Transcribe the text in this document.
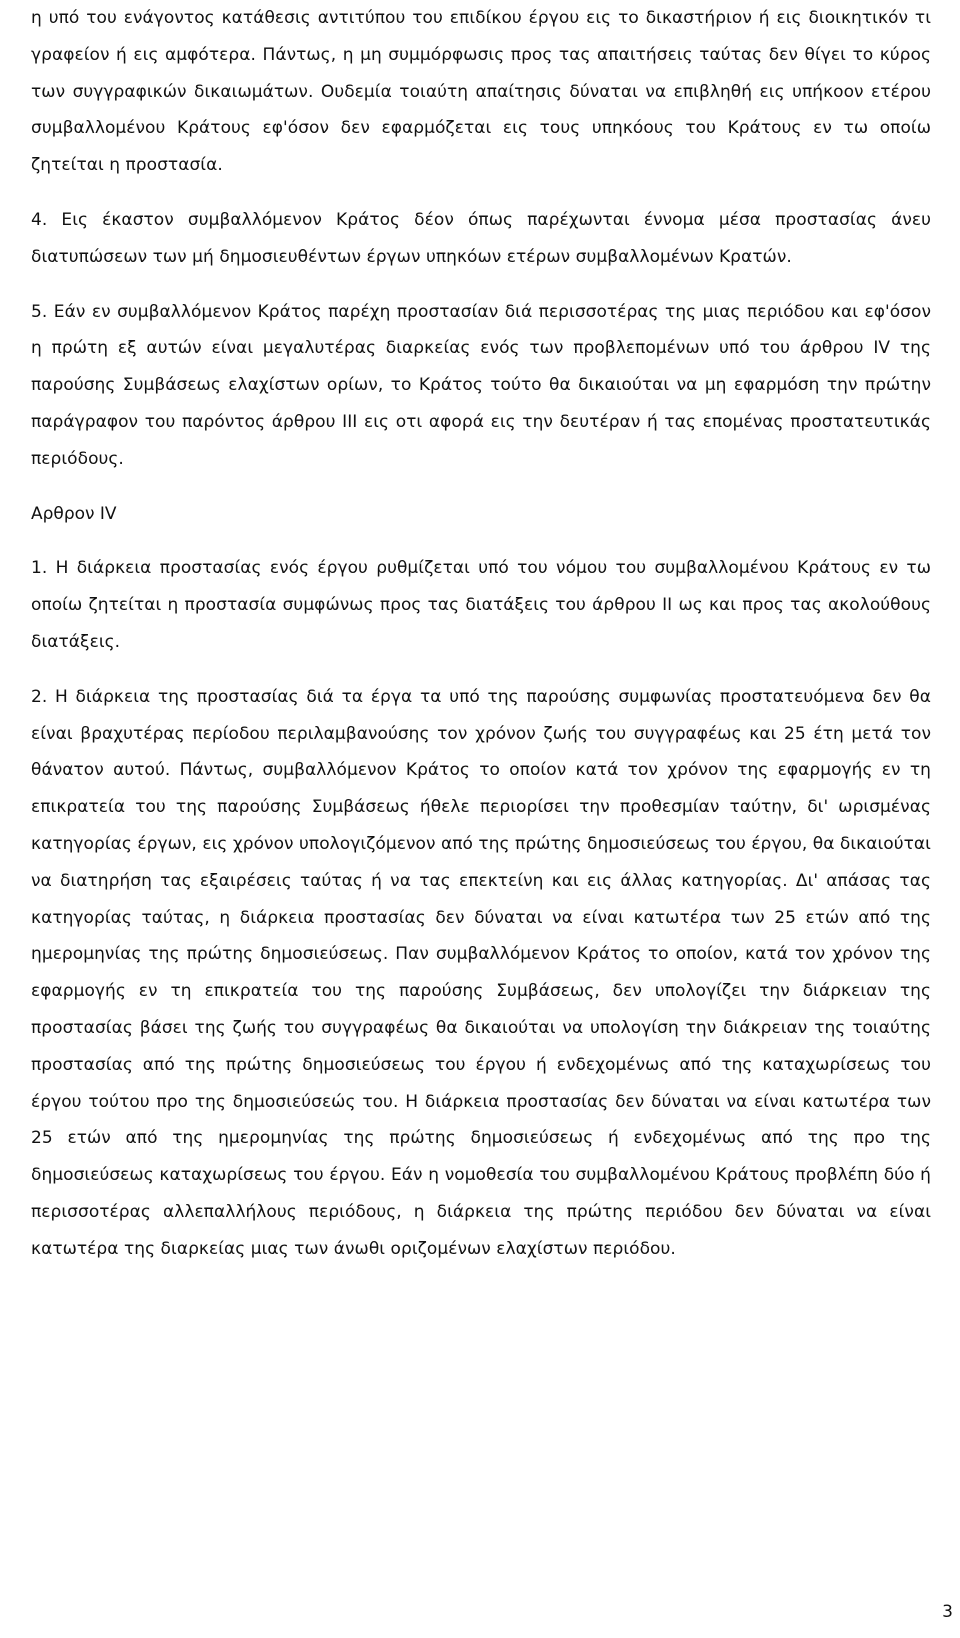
η υπό του ενάγοντος κατάθεσις αντιτύπου του επιδίκου έργου εις το δικαστήριον ή εις διοικητικόν τι γραφείον ή εις αμφότερα. Πάντως, η μη συμμόρφωσις προς τας απαιτήσεις ταύτας δεν θίγει το κύρος των συγγραφικών δικαιωμάτων. Ουδεμία τοιαύτη απαίτησις δύναται να επιβληθή εις υπήκοον ετέρου συμβαλλομένου Κράτους εφ'όσον δεν εφαρμόζεται εις τους υπηκόους του Κράτους εν τω οποίω ζητείται η προστασία.

4. Εις έκαστον συμβαλλόμενον Κράτος δέον όπως παρέχωνται έννομα μέσα προστασίας άνευ διατυπώσεων των μή δημοσιευθέντων έργων υπηκόων ετέρων συμβαλλομένων Κρατών.

5. Εάν εν συμβαλλόμενον Κράτος παρέχη προστασίαν διά περισσοτέρας της μιας περιόδου και εφ'όσον η πρώτη εξ αυτών είναι μεγαλυτέρας διαρκείας ενός των προβλεπομένων υπό του άρθρου IV της παρούσης Συμβάσεως ελαχίστων ορίων, το Κράτος τούτο θα δικαιούται να μη εφαρμόση την πρώτην παράγραφον του παρόντος άρθρου III εις οτι αφορά εις την δευτέραν ή τας επομένας προστατευτικάς περιόδους.

Αρθρον IV

1. Η διάρκεια προστασίας ενός έργου ρυθμίζεται υπό του νόμου του συμβαλλομένου Κράτους εν τω οποίω ζητείται η προστασία συμφώνως προς τας διατάξεις του άρθρου II ως και προς τας ακολούθους διατάξεις.

2. Η διάρκεια της προστασίας διά τα έργα τα υπό της παρούσης συμφωνίας προστατευόμενα δεν θα είναι βραχυτέρας περίοδου περιλαμβανούσης τον χρόνον ζωής του συγγραφέως και 25 έτη μετά τον θάνατον αυτού. Πάντως, συμβαλλόμενον Κράτος το οποίον κατά τον χρόνον της εφαρμογής εν τη επικρατεία του της παρούσης Συμβάσεως ήθελε περιορίσει την προθεσμίαν ταύτην, δι' ωρισμένας κατηγορίας έργων, εις χρόνον υπολογιζόμενον από της πρώτης δημοσιεύσεως του έργου, θα δικαιούται να διατηρήση τας εξαιρέσεις ταύτας ή να τας επεκτείνη και εις άλλας κατηγορίας. Δι' απάσας τας κατηγορίας ταύτας, η διάρκεια προστασίας δεν δύναται να είναι κατωτέρα των 25 ετών από της ημερομηνίας της πρώτης δημοσιεύσεως. Παν συμβαλλόμενον Κράτος το οποίον, κατά τον χρόνον της εφαρμογής εν τη επικρατεία του της παρούσης Συμβάσεως, δεν υπολογίζει την διάρκειαν της προστασίας βάσει της ζωής του συγγραφέως θα δικαιούται να υπολογίση την διάκρειαν της τοιαύτης προστασίας από της πρώτης δημοσιεύσεως του έργου ή ενδεχομένως από της καταχωρίσεως του έργου τούτου προ της δημοσιεύσεώς του. Η διάρκεια προστασίας δεν δύναται να είναι κατωτέρα των 25 ετών από της ημερομηνίας της πρώτης δημοσιεύσεως ή ενδεχομένως από της προ της δημοσιεύσεως καταχωρίσεως του έργου. Εάν η νομοθεσία του συμβαλλομένου Κράτους προβλέπη δύο ή περισσοτέρας αλλεπαλλήλους περιόδους, η διάρκεια της πρώτης περιόδου δεν δύναται να είναι κατωτέρα της διαρκείας μιας των άνωθι οριζομένων ελαχίστων περιόδου.

3
